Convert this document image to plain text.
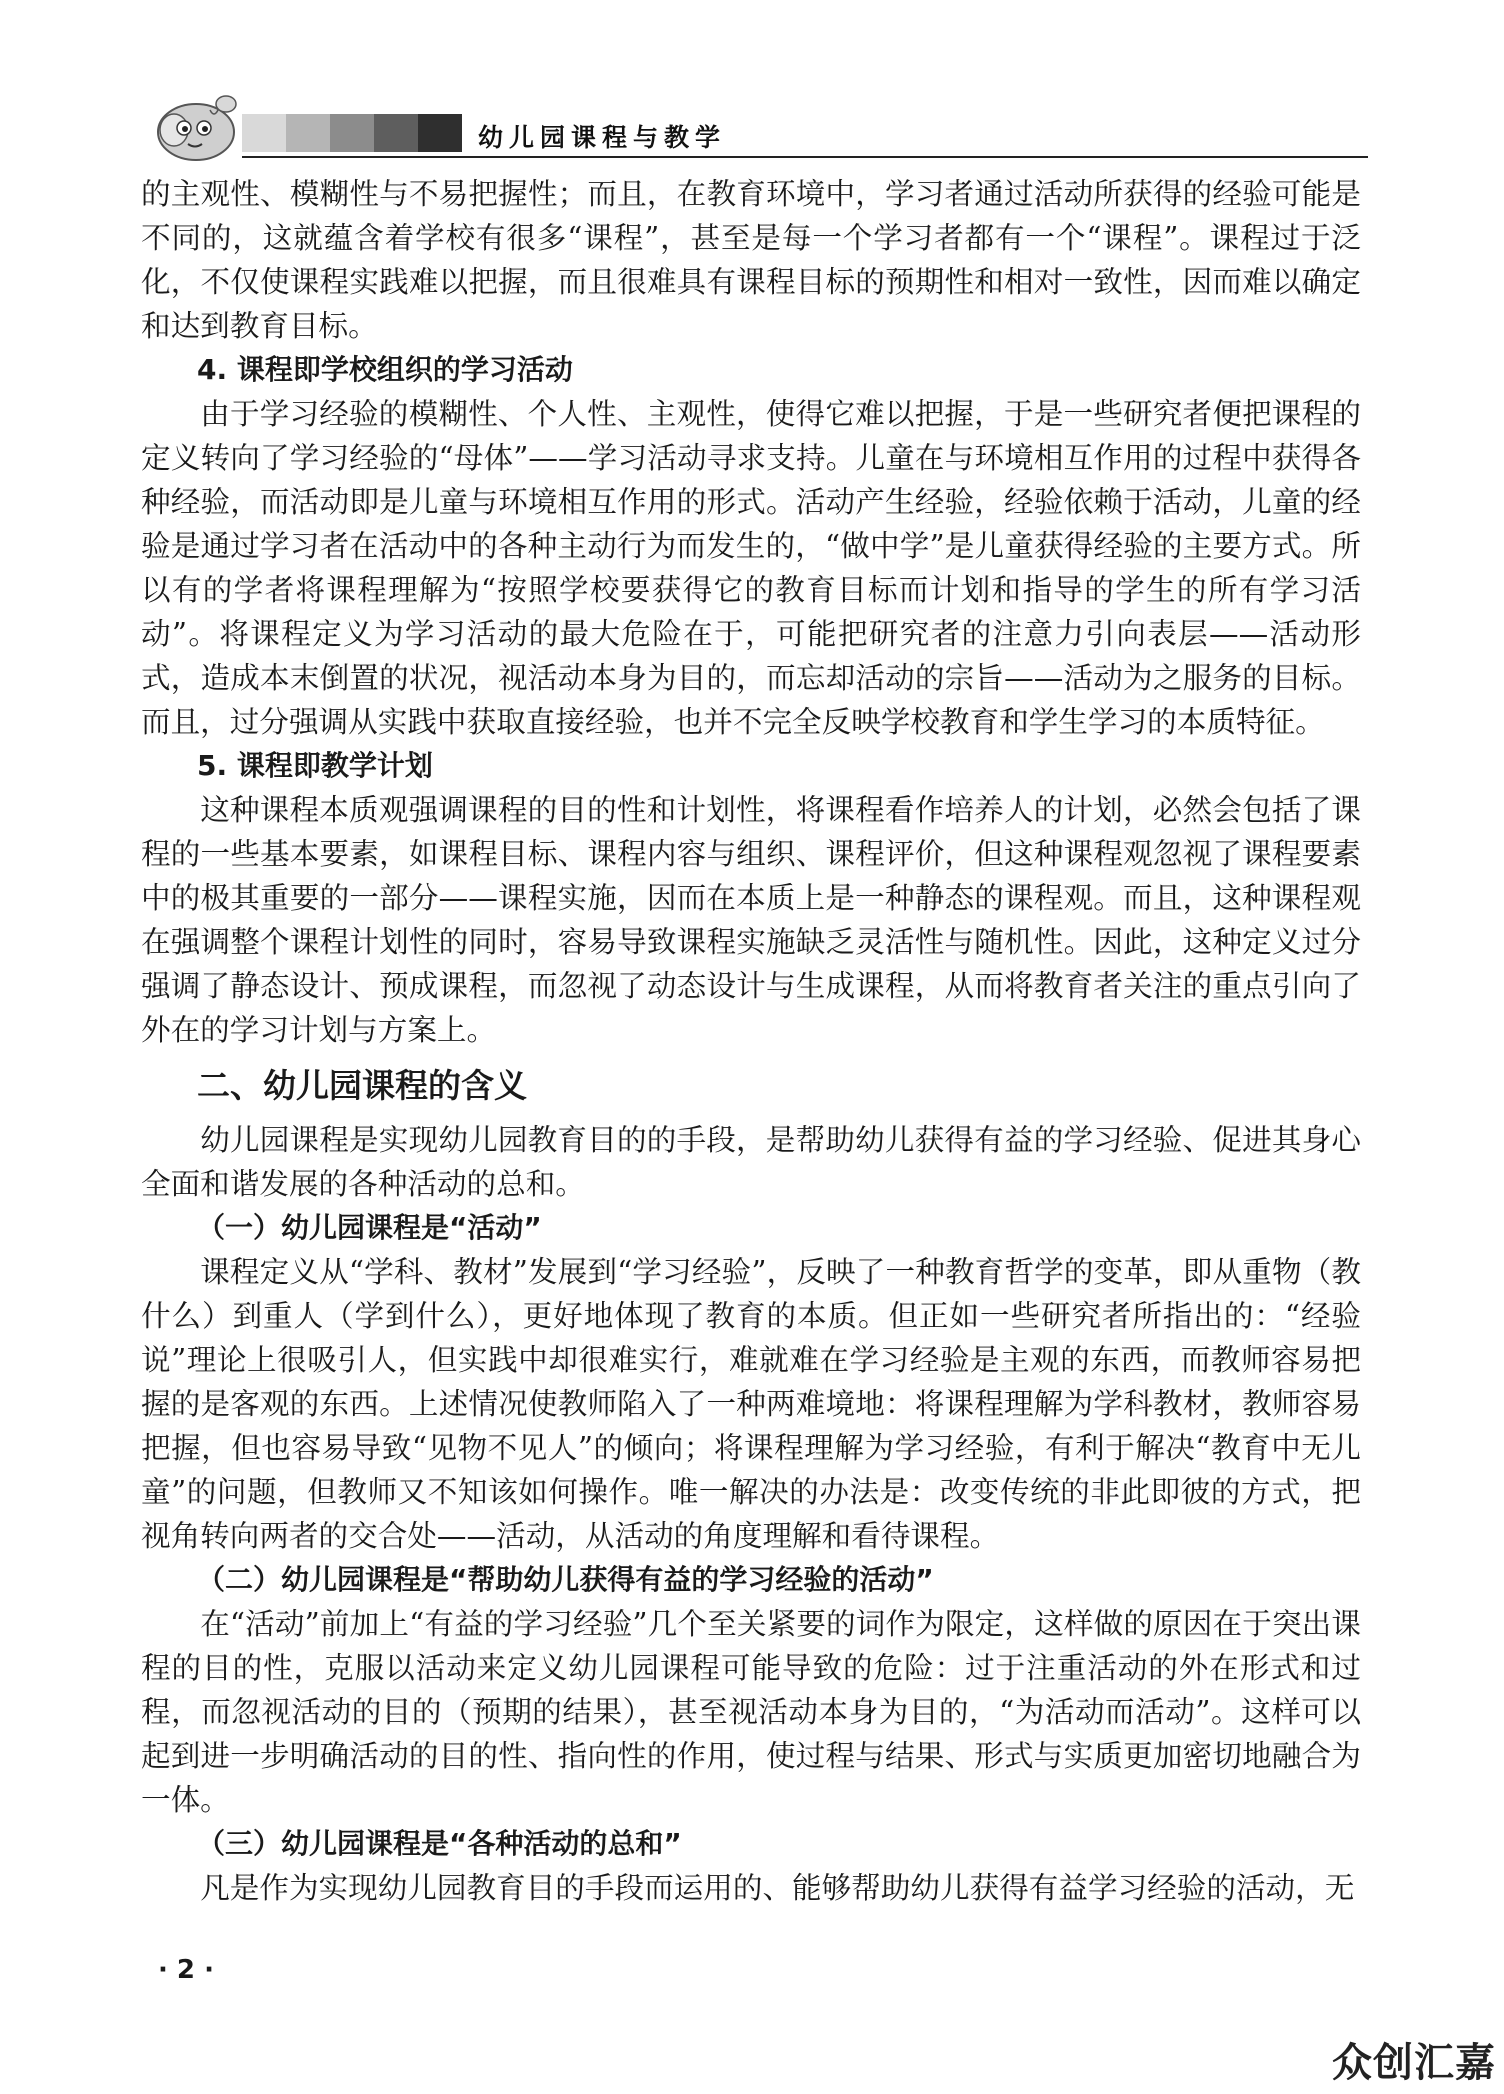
幼儿园课程与教学

的主观性、模糊性与不易把握性；而且，在教育环境中，学习者通过活动所获得的经验可能是不同的，这就蕴含着学校有很多“课程”，甚至是每一个学习者都有一个“课程”。课程过于泛化，不仅使课程实践难以把握，而且很难具有课程目标的预期性和相对一致性，因而难以确定和达到教育目标。

4. 课程即学校组织的学习活动

由于学习经验的模糊性、个人性、主观性，使得它难以把握，于是一些研究者便把课程的定义转向了学习经验的“母体”——学习活动寻求支持。儿童在与环境相互作用的过程中获得各种经验，而活动即是儿童与环境相互作用的形式。活动产生经验，经验依赖于活动，儿童的经验是通过学习者在活动中的各种主动行为而发生的，“做中学”是儿童获得经验的主要方式。所以有的学者将课程理解为“按照学校要获得它的教育目标而计划和指导的学生的所有学习活动”。将课程定义为学习活动的最大危险在于，可能把研究者的注意力引向表层——活动形式，造成本末倒置的状况，视活动本身为目的，而忘却活动的宗旨——活动为之服务的目标。而且，过分强调从实践中获取直接经验，也并不完全反映学校教育和学生学习的本质特征。

5. 课程即教学计划

这种课程本质观强调课程的目的性和计划性，将课程看作培养人的计划，必然会包括了课程的一些基本要素，如课程目标、课程内容与组织、课程评价，但这种课程观忽视了课程要素中的极其重要的一部分——课程实施，因而在本质上是一种静态的课程观。而且，这种课程观在强调整个课程计划性的同时，容易导致课程实施缺乏灵活性与随机性。因此，这种定义过分强调了静态设计、预成课程，而忽视了动态设计与生成课程，从而将教育者关注的重点引向了外在的学习计划与方案上。

二、幼儿园课程的含义

幼儿园课程是实现幼儿园教育目的的手段，是帮助幼儿获得有益的学习经验、促进其身心全面和谐发展的各种活动的总和。

（一）幼儿园课程是“活动”

课程定义从“学科、教材”发展到“学习经验”，反映了一种教育哲学的变革，即从重物（教什么）到重人（学到什么），更好地体现了教育的本质。但正如一些研究者所指出的：“经验说”理论上很吸引人，但实践中却很难实行，难就难在学习经验是主观的东西，而教师容易把握的是客观的东西。上述情况使教师陷入了一种两难境地：将课程理解为学科教材，教师容易把握，但也容易导致“见物不见人”的倾向；将课程理解为学习经验，有利于解决“教育中无儿童”的问题，但教师又不知该如何操作。唯一解决的办法是：改变传统的非此即彼的方式，把视角转向两者的交合处——活动，从活动的角度理解和看待课程。

（二）幼儿园课程是“帮助幼儿获得有益的学习经验的活动”

在“活动”前加上“有益的学习经验”几个至关紧要的词作为限定，这样做的原因在于突出课程的目的性，克服以活动来定义幼儿园课程可能导致的危险：过于注重活动的外在形式和过程，而忽视活动的目的（预期的结果），甚至视活动本身为目的，“为活动而活动”。这样可以起到进一步明确活动的目的性、指向性的作用，使过程与结果、形式与实质更加密切地融合为一体。

（三）幼儿园课程是“各种活动的总和”

凡是作为实现幼儿园教育目的手段而运用的、能够帮助幼儿获得有益学习经验的活动，无

· 2 ·
众创汇嘉
